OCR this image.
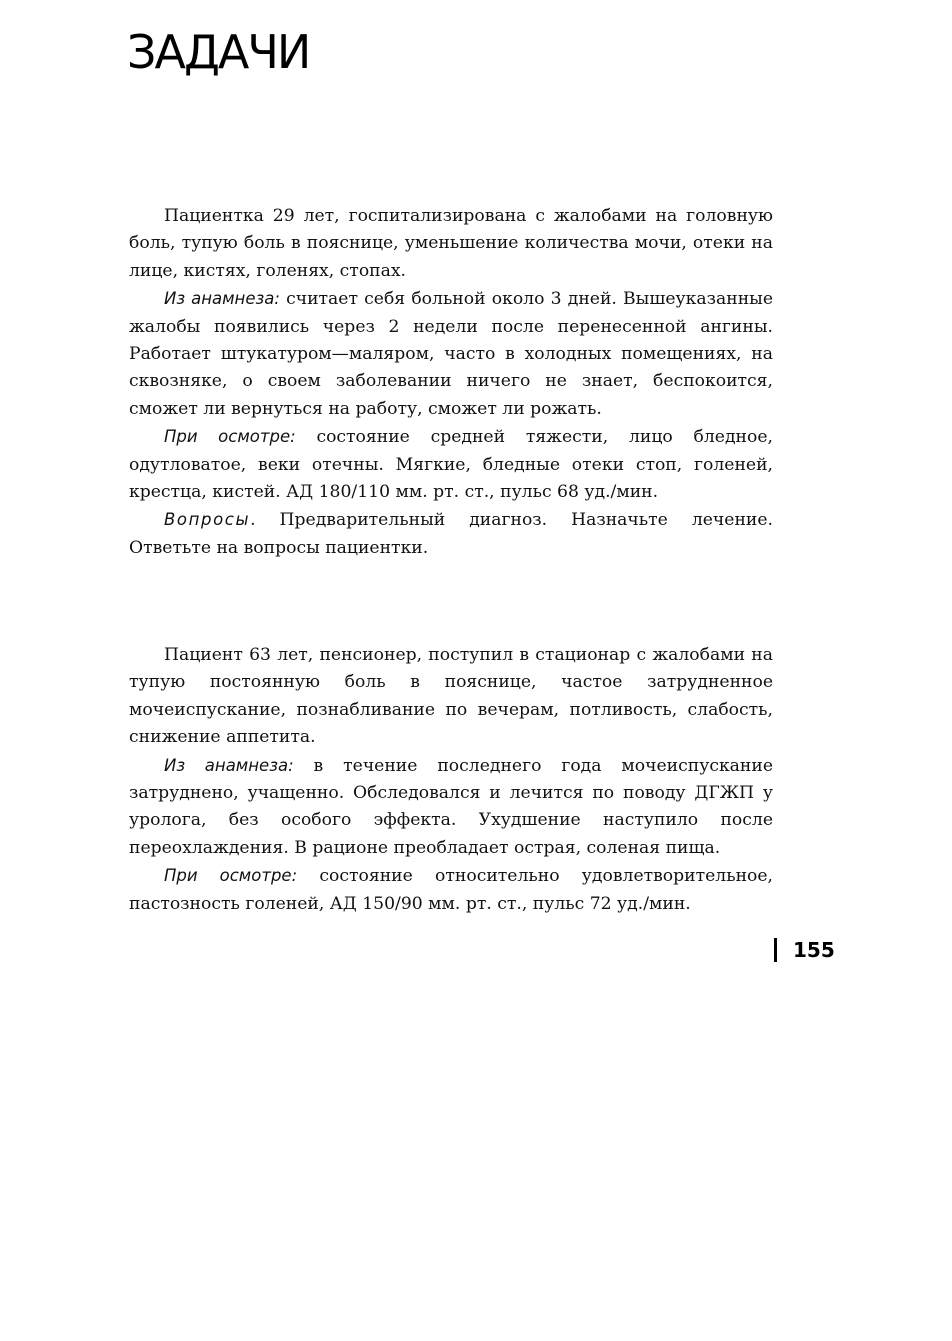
ЗАДАЧИ

Пациентка 29 лет, госпитализирована с жалобами на головную боль, тупую боль в пояснице, уменьшение количества мочи, отеки на лице, кистях, голенях, стопах.

Из анамнеза: считает себя больной около 3 дней. Вышеуказанные жалобы появились через 2 недели после перенесенной ангины. Работает штукатуром—маляром, часто в холодных помещениях, на сквозняке, о своем заболевании ничего не знает, беспокоится, сможет ли вернуться на работу, сможет ли рожать.

При осмотре: состояние средней тяжести, лицо бледное, одутловатое, веки отечны. Мягкие, бледные отеки стоп, голеней, крестца, кистей. АД 180/110 мм. рт. ст., пульс 68 уд./мин.

Вопросы. Предварительный диагноз. Назначьте лечение. Ответьте на вопросы пациентки.

Пациент 63 лет, пенсионер, поступил в стационар с жалобами на тупую постоянную боль в пояснице, частое затрудненное мочеиспускание, познабливание по вечерам, потливость, слабость, снижение аппетита.

Из анамнеза: в течение последнего года мочеиспускание затруднено, учащенно. Обследовался и лечится по поводу ДГЖП у уролога, без особого эффекта. Ухудшение наступило после переохлаждения. В рационе преобладает острая, соленая пища.

При осмотре: состояние относительно удовлетворительное, пастозность голеней, АД 150/90 мм. рт. ст., пульс 72 уд./мин.

155
